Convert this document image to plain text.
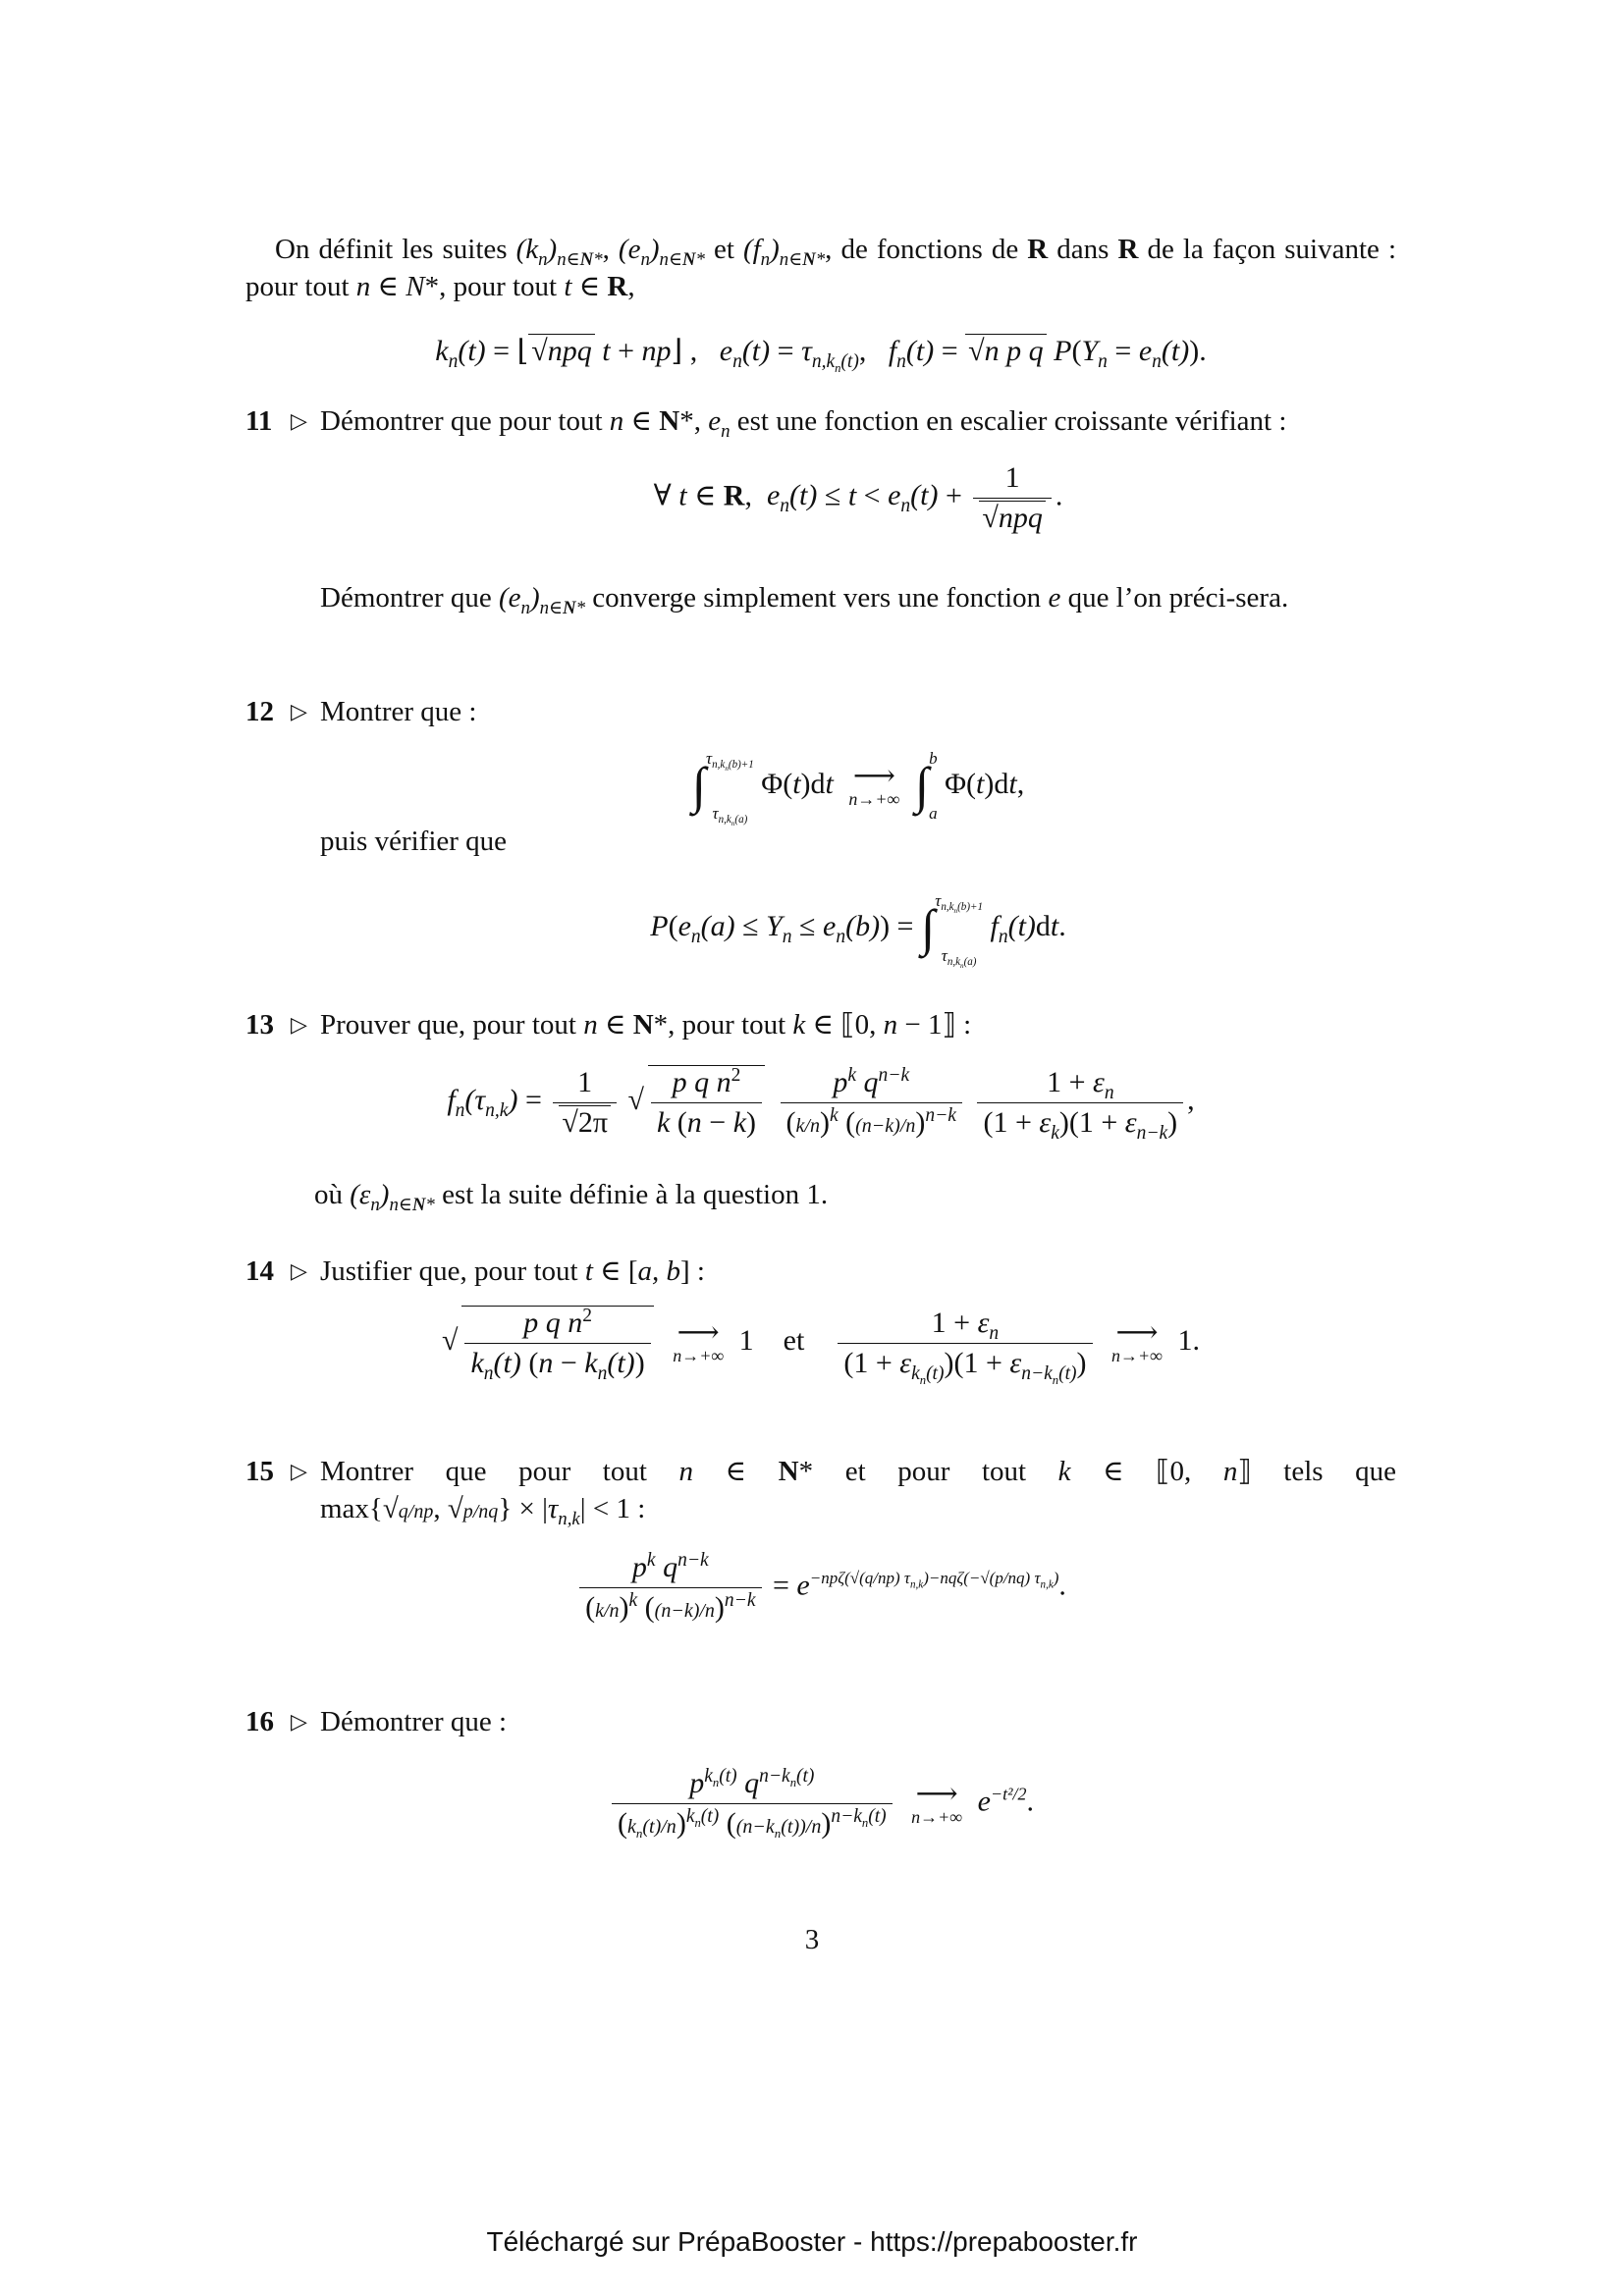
On définit les suites $(k_n)_{n\in N*}$, $(e_n)_{n\in N*}$ et $(f_n)_{n\in N*}$, de fonctions de R dans R de la façon suivante : pour tout n ∈ N*, pour tout t ∈ R,
$k_n(t)$ = ⌊ √npq t + np⌋ ,   $e_n(t) = \tau_{n,k_n(t)}$,   $f_n(t) = √n$ p q $P(Y_n = e_n(t))$.
11 ▷ Démontrer que pour tout n ∈ N*, $e_n$ est une fonction en escalier croissante vérifiant :
∀ t ∈ R,  $e_n(t) \le t < e_n(t) + \frac{1}{\text{√npq}}$ .
Démontrer que $(e_n)_{n\in N*}$ converge simplement vers une fonction e que l’on préci-sera.
12 ▷ Montrer que :
$\int\tau_{n,k_n(b)+1}$
$\tau_{n,k_n(a)}$ Φ(t)dt ⟶
n→+∞ ∫b
a Φ(t)dt,
puis vérifier que
$P(e_n(a) \le Y_n \le e_n(b)) = \int\tau_{n,k_n(b)+1}$
$\tau_{n,k_n(a)}$ $f_n(t)dt$.
13 ▷ Prouver que, pour tout n ∈ N*, pour tout k ∈ ⟦0, n − 1⟧ :
$f_n(\tau_{n,k}) = \frac{1}{√2\pi}$ √ $\frac{p q n^2}{k (n - k)}$
$\frac{p^k q^{n-k}}{(k/n)^k ((n-k)/n)^{n-k}}$
$\frac{1 + \varepsilon_n}{(1 + \varepsilon_k)(1 + \varepsilon_{n-k})}$ ,
où $(\varepsilon_n)_{n\in N*}$ est la suite définie à la question 1.
14 ▷ Justifier que, pour tout t ∈ [a, b] :
√ $\frac{p q n^2}{k_n(t) (n - k_n(t))}$
⟶
n→+∞ 1    et $\frac{1 + \varepsilon_n}{(1 + \varepsilon_{k_n(t)})(1 + \varepsilon_{n-k_n(t)})}$
⟶
n→+∞ 1.
15 ▷ Montrer que pour tout n ∈ N* et pour tout k ∈ ⟦0, n⟧ tels que max{√q/np, $√p/nq\} \times |\tau_{n,k}| < 1$ :
$\frac{p^k q^{n-k}}{(k/n)^k ((n-k)/n)^{n-k}} = e^{-np\zeta(√(q/np) \tau_{n,k})-nq\zeta(-√(p/nq) \tau_{n,k})}$.
16 ▷ Démontrer que :
$\frac{p^{k_n(t)} q^{n-k_n(t)}}{(k_n(t)/n)^{k_n(t)} ((n-k_n(t))/n)^{n-k_n(t)}}$
⟶
n→+∞ $e^{-t^2/2}$.
3
Téléchargé sur PrépaBooster - https://prepabooster.fr
